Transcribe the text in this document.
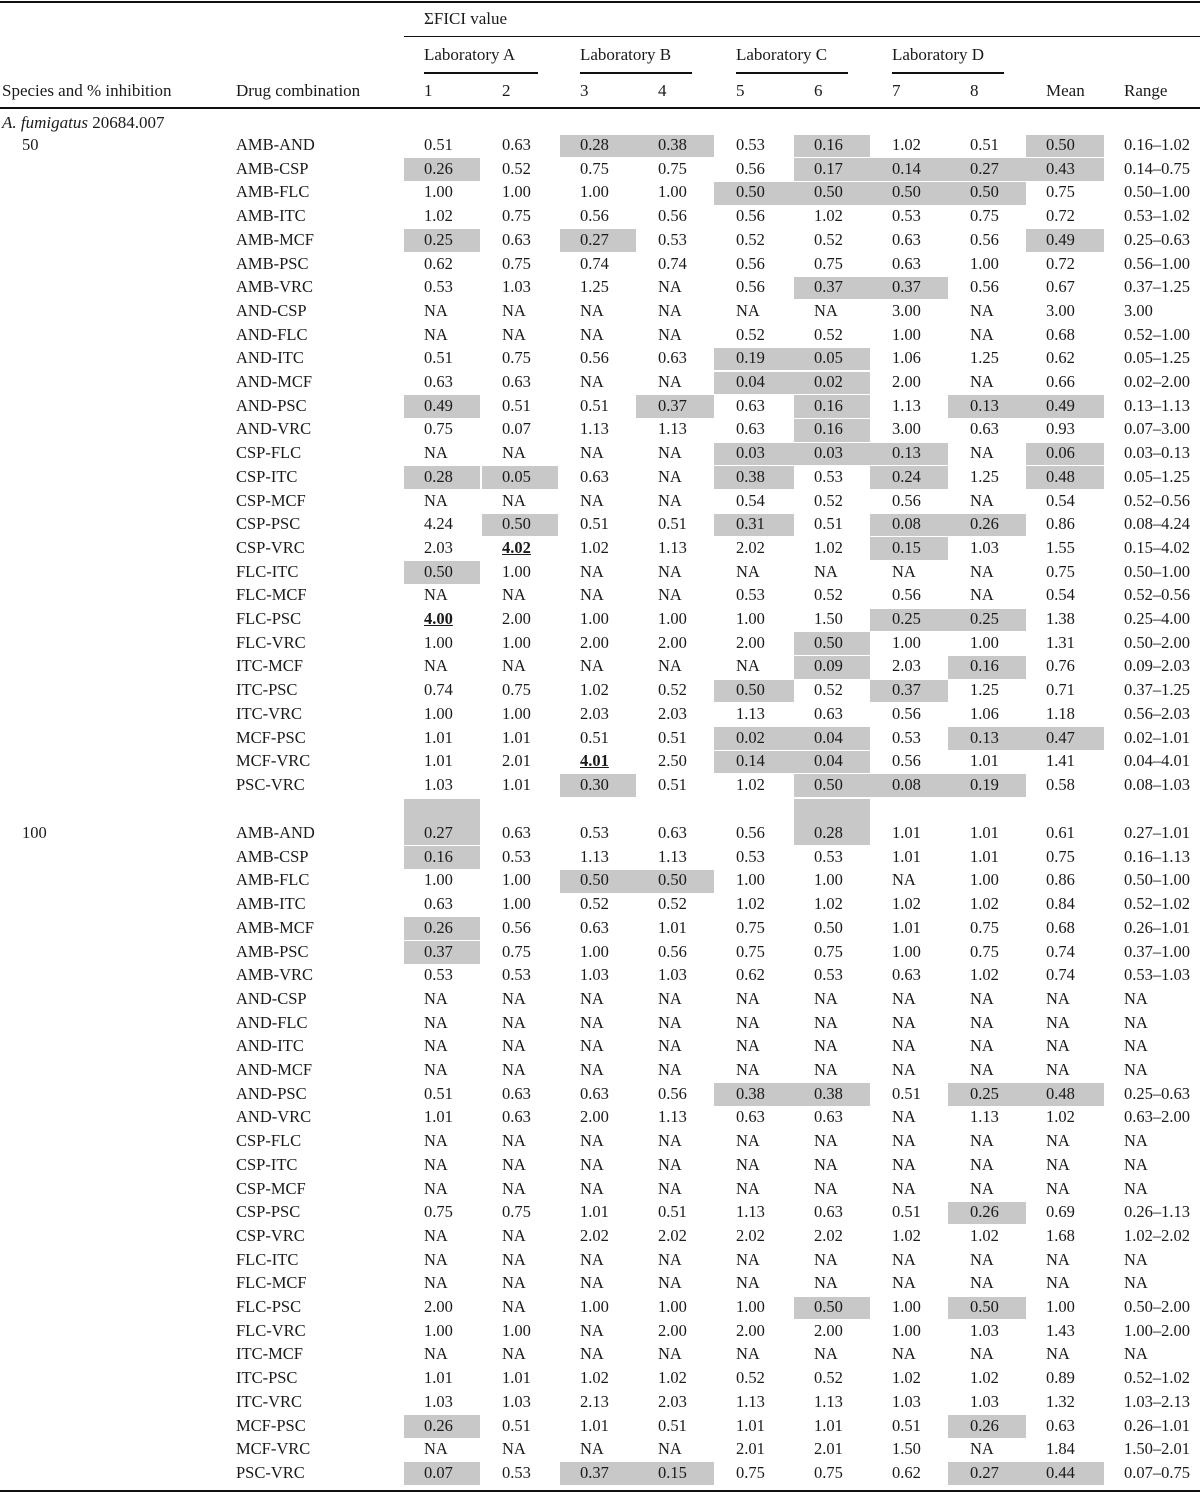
ΣFICI value
Laboratory A	Laboratory B	Laboratory C	Laboratory D
Species and % inhibition	Drug combination	1	2	3	4	5	6	7	8	Mean Range
A. fumigatus 20684.007
50	AMB-AND	0.51	0.63	0.28	0.38	0.53	0.16	1.02	0.51	0.50	0.16–1.02
AMB-CSP	0.26	0.52	0.75	0.75	0.56	0.17	0.14	0.27	0.43	0.14–0.75
AMB-FLC	1.00	1.00	1.00	1.00	0.50	0.50	0.50	0.50	0.75	0.50–1.00
AMB-ITC	1.02	0.75	0.56	0.56	0.56	1.02	0.53	0.75	0.72	0.53–1.02
AMB-MCF	0.25	0.63	0.27	0.53	0.52	0.52	0.63	0.56	0.49	0.25–0.63
AMB-PSC	0.62	0.75	0.74	0.74	0.56	0.75	0.63	1.00	0.72	0.56–1.00
AMB-VRC	0.53	1.03	1.25	NA	0.56	0.37	0.37	0.56	0.67	0.37–1.25
AND-CSP	NA	NA	NA	NA	NA	NA	3.00	NA	3.00	3.00
AND-FLC	NA	NA	NA	NA	0.52	0.52	1.00	NA	0.68	0.52–1.00
AND-ITC	0.51	0.75	0.56	0.63	0.19	0.05	1.06	1.25	0.62	0.05–1.25
AND-MCF	0.63	0.63	NA	NA	0.04	0.02	2.00	NA	0.66	0.02–2.00
AND-PSC	0.49	0.51	0.51	0.37	0.63	0.16	1.13	0.13	0.49	0.13–1.13
AND-VRC	0.75	0.07	1.13	1.13	0.63	0.16	3.00	0.63	0.93	0.07–3.00
CSP-FLC	NA	NA	NA	NA	0.03	0.03	0.13	NA	0.06	0.03–0.13
CSP-ITC	0.28	0.05	0.63	NA	0.38	0.53	0.24	1.25	0.48	0.05–1.25
CSP-MCF	NA	NA	NA	NA	0.54	0.52	0.56	NA	0.54	0.52–0.56
CSP-PSC	4.24	0.50	0.51	0.51	0.31	0.51	0.08	0.26	0.86	0.08–4.24
CSP-VRC	2.03	4.02	1.02	1.13	2.02	1.02	0.15	1.03	1.55	0.15–4.02
FLC-ITC	0.50	1.00	NA	NA	NA	NA	NA	NA	0.75	0.50–1.00
FLC-MCF	NA	NA	NA	NA	0.53	0.52	0.56	NA	0.54	0.52–0.56
FLC-PSC	4.00	2.00	1.00	1.00	1.00	1.50	0.25	0.25	1.38	0.25–4.00
FLC-VRC	1.00	1.00	2.00	2.00	2.00	0.50	1.00	1.00	1.31	0.50–2.00
ITC-MCF	NA	NA	NA	NA	NA	0.09	2.03	0.16	0.76	0.09–2.03
ITC-PSC	0.74	0.75	1.02	0.52	0.50	0.52	0.37	1.25	0.71	0.37–1.25
ITC-VRC	1.00	1.00	2.03	2.03	1.13	0.63	0.56	1.06	1.18	0.56–2.03
MCF-PSC	1.01	1.01	0.51	0.51	0.02	0.04	0.53	0.13	0.47	0.02–1.01
MCF-VRC	1.01	2.01	4.01	2.50	0.14	0.04	0.56	1.01	1.41	0.04–4.01
PSC-VRC	1.03	1.01	0.30	0.51	1.02	0.50	0.08	0.19	0.58	0.08–1.03
100	AMB-AND	0.27	0.63	0.53	0.63	0.56	0.28	1.01	1.01	0.61	0.27–1.01
AMB-CSP	0.16	0.53	1.13	1.13	0.53	0.53	1.01	1.01	0.75	0.16–1.13
AMB-FLC	1.00	1.00	0.50	0.50	1.00	1.00	NA	1.00	0.86	0.50–1.00
AMB-ITC	0.63	1.00	0.52	0.52	1.02	1.02	1.02	1.02	0.84	0.52–1.02
AMB-MCF	0.26	0.56	0.63	1.01	0.75	0.50	1.01	0.75	0.68	0.26–1.01
AMB-PSC	0.37	0.75	1.00	0.56	0.75	0.75	1.00	0.75	0.74	0.37–1.00
AMB-VRC	0.53	0.53	1.03	1.03	0.62	0.53	0.63	1.02	0.74	0.53–1.03
AND-CSP	NA	NA	NA	NA	NA	NA	NA	NA	NA	NA
AND-FLC	NA	NA	NA	NA	NA	NA	NA	NA	NA	NA
AND-ITC	NA	NA	NA	NA	NA	NA	NA	NA	NA	NA
AND-MCF	NA	NA	NA	NA	NA	NA	NA	NA	NA	NA
AND-PSC	0.51	0.63	0.63	0.56	0.38	0.38	0.51	0.25	0.48	0.25–0.63
AND-VRC	1.01	0.63	2.00	1.13	0.63	0.63	NA	1.13	1.02	0.63–2.00
CSP-FLC	NA	NA	NA	NA	NA	NA	NA	NA	NA	NA
CSP-ITC	NA	NA	NA	NA	NA	NA	NA	NA	NA	NA
CSP-MCF	NA	NA	NA	NA	NA	NA	NA	NA	NA	NA
CSP-PSC	0.75	0.75	1.01	0.51	1.13	0.63	0.51	0.26	0.69	0.26–1.13
CSP-VRC	NA	NA	2.02	2.02	2.02	2.02	1.02	1.02	1.68	1.02–2.02
FLC-ITC	NA	NA	NA	NA	NA	NA	NA	NA	NA	NA
FLC-MCF	NA	NA	NA	NA	NA	NA	NA	NA	NA	NA
FLC-PSC	2.00	NA	1.00	1.00	1.00	0.50	1.00	0.50	1.00	0.50–2.00
FLC-VRC	1.00	1.00	NA	2.00	2.00	2.00	1.00	1.03	1.43	1.00–2.00
ITC-MCF	NA	NA	NA	NA	NA	NA	NA	NA	NA	NA
ITC-PSC	1.01	1.01	1.02	1.02	0.52	0.52	1.02	1.02	0.89	0.52–1.02
ITC-VRC	1.03	1.03	2.13	2.03	1.13	1.13	1.03	1.03	1.32	1.03–2.13
MCF-PSC	0.26	0.51	1.01	0.51	1.01	1.01	0.51	0.26	0.63	0.26–1.01
MCF-VRC	NA	NA	NA	NA	2.01	2.01	1.50	NA	1.84	1.50–2.01
PSC-VRC	0.07	0.53	0.37	0.15	0.75	0.75	0.62	0.27	0.44	0.07–0.75
